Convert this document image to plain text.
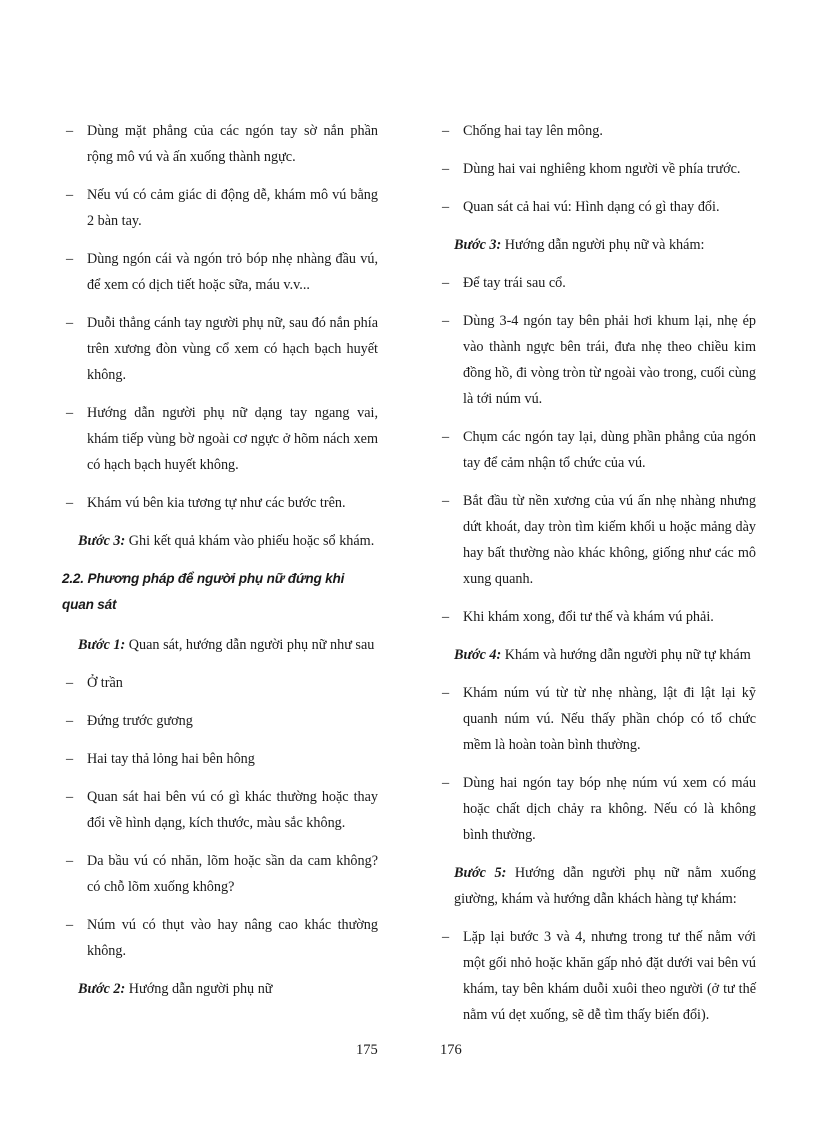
– Dùng mặt phẳng của các ngón tay sờ nắn phần rộng mô vú và ấn xuống thành ngực.
– Nếu vú có cảm giác di động dễ, khám mô vú bằng 2 bàn tay.
– Dùng ngón cái và ngón trỏ bóp nhẹ nhàng đầu vú, để xem có dịch tiết hoặc sữa, máu v.v...
– Duỗi thẳng cánh tay người phụ nữ, sau đó nắn phía trên xương đòn vùng cổ xem có hạch bạch huyết không.
– Hướng dẫn người phụ nữ dạng tay ngang vai, khám tiếp vùng bờ ngoài cơ ngực ở hõm nách xem có hạch bạch huyết không.
– Khám vú bên kia tương tự như các bước trên.
Bước 3: Ghi kết quả khám vào phiếu hoặc sổ khám.
2.2. Phương pháp để người phụ nữ đứng khi quan sát
Bước 1: Quan sát, hướng dẫn người phụ nữ như sau
– Ở trần
– Đứng trước gương
– Hai tay thả lỏng hai bên hông
– Quan sát hai bên vú có gì khác thường hoặc thay đổi về hình dạng, kích thước, màu sắc không.
– Da bầu vú có nhăn, lõm hoặc sần da cam không? có chỗ lõm xuống không?
– Núm vú có thụt vào hay nâng cao khác thường không.
Bước 2: Hướng dẫn người phụ nữ
– Chống hai tay lên mông.
– Dùng hai vai nghiêng khom người về phía trước.
– Quan sát cả hai vú: Hình dạng có gì thay đổi.
Bước 3: Hướng dẫn người phụ nữ và khám:
– Để tay trái sau cổ.
– Dùng 3-4 ngón tay bên phải hơi khum lại, nhẹ ép vào thành ngực bên trái, đưa nhẹ theo chiều kim đồng hồ, đi vòng tròn từ ngoài vào trong, cuối cùng là tới núm vú.
– Chụm các ngón tay lại, dùng phần phẳng của ngón tay để cảm nhận tổ chức của vú.
– Bắt đầu từ nền xương của vú ấn nhẹ nhàng nhưng dứt khoát, day tròn tìm kiếm khối u hoặc mảng dày hay bất thường nào khác không, giống như các mô xung quanh.
– Khi khám xong, đổi tư thế và khám vú phải.
Bước 4: Khám và hướng dẫn người phụ nữ tự khám
– Khám núm vú từ từ nhẹ nhàng, lật đi lật lại kỹ quanh núm vú. Nếu thấy phần chóp có tổ chức mềm là hoàn toàn bình thường.
– Dùng hai ngón tay bóp nhẹ núm vú xem có máu hoặc chất dịch chảy ra không. Nếu có là không bình thường.
Bước 5: Hướng dẫn người phụ nữ nằm xuống giường, khám và hướng dẫn khách hàng tự khám:
– Lặp lại bước 3 và 4, nhưng trong tư thế nằm với một gối nhỏ hoặc khăn gấp nhỏ đặt dưới vai bên vú khám, tay bên khám duỗi xuôi theo người (ở tư thế nằm vú dẹt xuống, sẽ dễ tìm thấy biến đổi).
175	176
